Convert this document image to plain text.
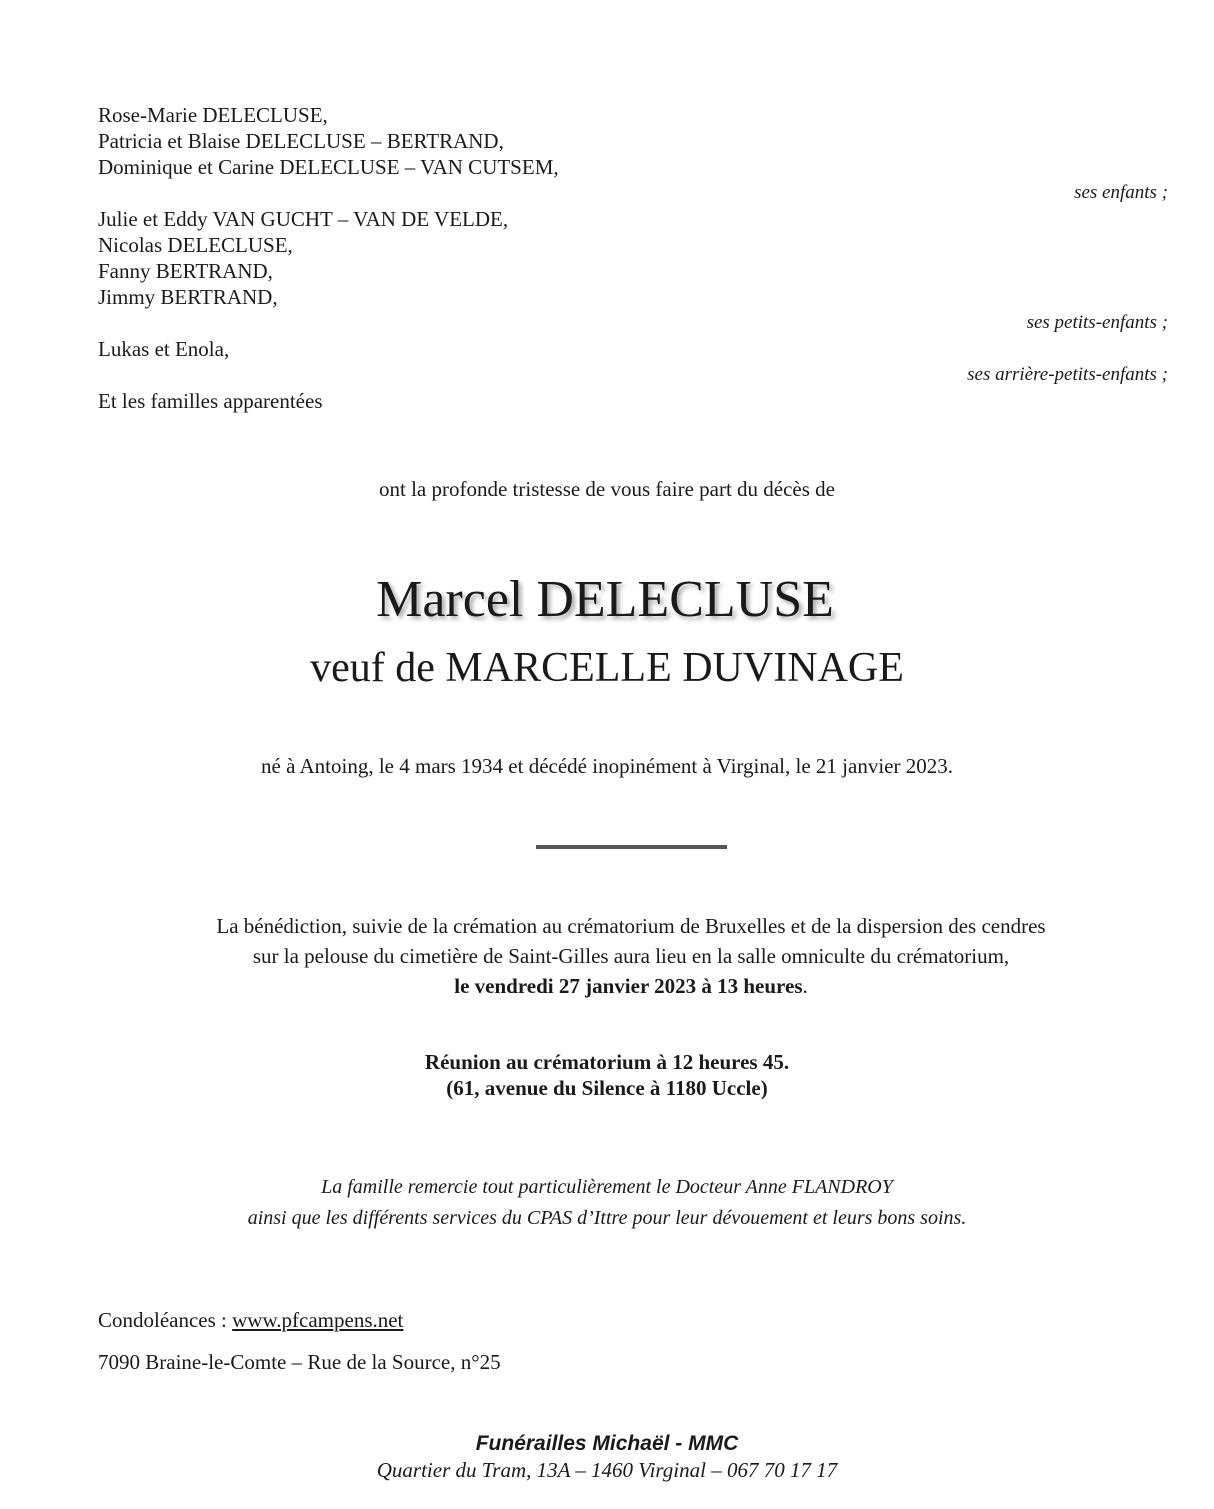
Rose-Marie DELECLUSE,
Patricia et Blaise DELECLUSE – BERTRAND,
Dominique et Carine DELECLUSE – VAN CUTSEM,
ses enfants ;
Julie et Eddy VAN GUCHT – VAN DE VELDE,
Nicolas DELECLUSE,
Fanny BERTRAND,
Jimmy BERTRAND,
ses petits-enfants ;
Lukas et Enola,
ses arrière-petits-enfants ;
Et les familles apparentées
ont la profonde tristesse de vous faire part du décès de
Marcel DELECLUSE
veuf de MARCELLE DUVINAGE
né à Antoing, le 4 mars 1934 et décédé inopinément à Virginal, le 21 janvier 2023.
La bénédiction, suivie de la crémation au crématorium de Bruxelles et de la dispersion des cendres
sur la pelouse du cimetière de Saint-Gilles aura lieu en la salle omniculte du crématorium,
le vendredi 27 janvier 2023 à 13 heures.
Réunion au crématorium à 12 heures 45.
(61, avenue du Silence à 1180 Uccle)
La famille remercie tout particulièrement le Docteur Anne FLANDROY
ainsi que les différents services du CPAS d’Ittre pour leur dévouement et leurs bons soins.
Condoléances : www.pfcampens.net
7090 Braine-le-Comte – Rue de la Source, n°25
Funérailles Michaël - MMC
Quartier du Tram, 13A – 1460 Virginal – 067 70 17 17
